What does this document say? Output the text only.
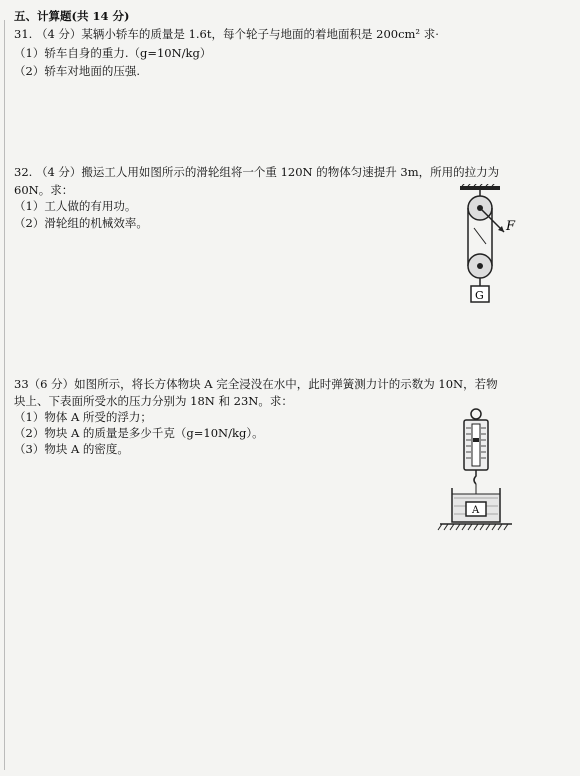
五、计算题(共 14 分)
31. （4 分）某辆小轿车的质量是 1.6t，每个轮子与地面的着地面积是 200cm² 求·
（1）轿车自身的重力.（g=10N/kg）
（2）轿车对地面的压强.
32. （4 分）搬运工人用如图所示的滑轮组将一个重 120N 的物体匀速提升 3m，所用的拉力为
60N。求：
（1）工人做的有用功。
（2）滑轮组的机械效率。	F
G
33（6 分）如图所示，将长方体物块 A 完全浸没在水中，此时弹簧测力计的示数为 10N，若物
块上、下表面所受水的压力分别为 18N 和 23N。求：
（1）物体 A 所受的浮力；
（2）物块 A 的质量是多少千克（g=10N/kg）。
（3）物块 A 的密度。
A
